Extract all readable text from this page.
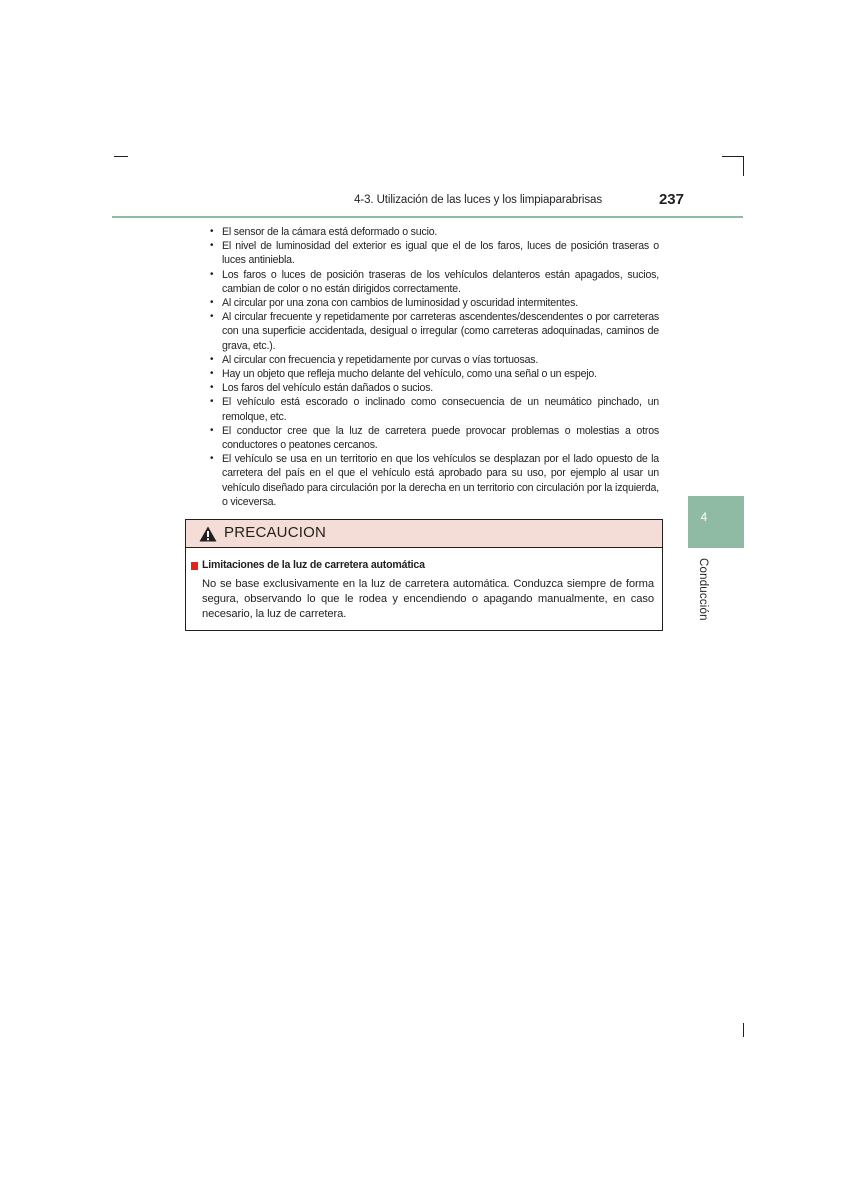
4-3. Utilización de las luces y los limpiaparabrisas	237
• El sensor de la cámara está deformado o sucio.
• El nivel de luminosidad del exterior es igual que el de los faros, luces de posición traseras o luces antiniebla.
• Los faros o luces de posición traseras de los vehículos delanteros están apagados, sucios, cambian de color o no están dirigidos correctamente.
• Al circular por una zona con cambios de luminosidad y oscuridad intermitentes.
• Al circular frecuente y repetidamente por carreteras ascendentes/descendentes o por carreteras con una superficie accidentada, desigual o irregular (como carreteras adoquinadas, caminos de grava, etc.).
• Al circular con frecuencia y repetidamente por curvas o vías tortuosas.
• Hay un objeto que refleja mucho delante del vehículo, como una señal o un espejo.
• Los faros del vehículo están dañados o sucios.
• El vehículo está escorado o inclinado como consecuencia de un neumático pinchado, un remolque, etc.
• El conductor cree que la luz de carretera puede provocar problemas o molestias a otros conductores o peatones cercanos.
• El vehículo se usa en un territorio en que los vehículos se desplazan por el lado opuesto de la carretera del país en el que el vehículo está aprobado para su uso, por ejemplo al usar un vehículo diseñado para circulación por la derecha en un territorio con circulación por la izquierda, o viceversa.
4
Conducción
PRECAUCION
Limitaciones de la luz de carretera automática
No se base exclusivamente en la luz de carretera automática. Conduzca siempre de forma segura, observando lo que le rodea y encendiendo o apagando manualmente, en caso necesario, la luz de carretera.
